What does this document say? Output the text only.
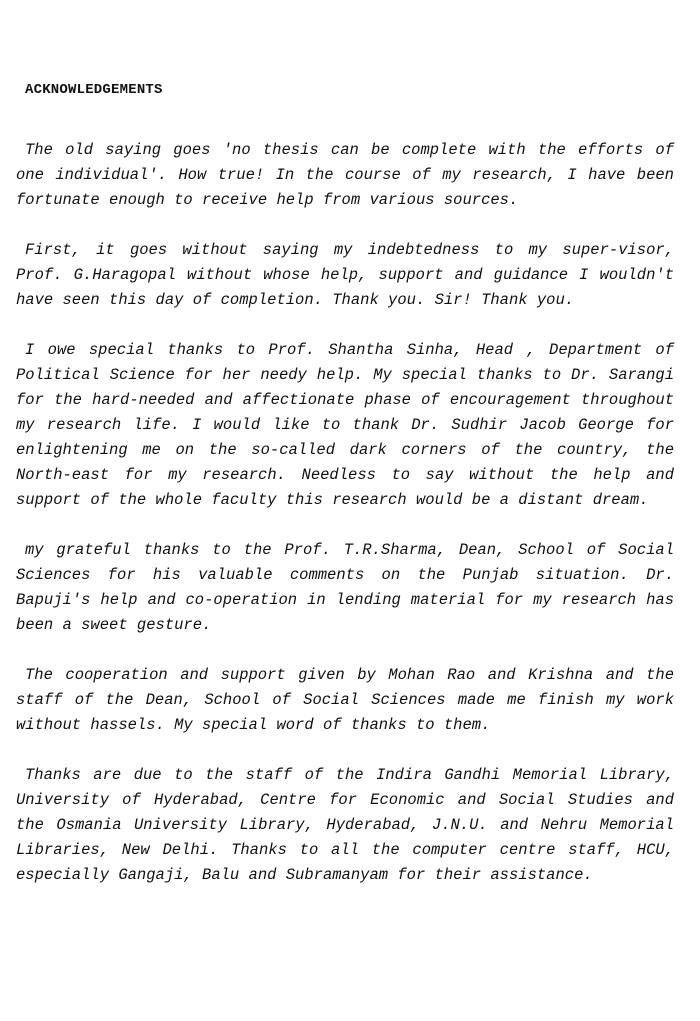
ACKNOWLEDGEMENTS

The old saying goes 'no thesis can be complete with the efforts of one individual'. How true! In the course of my research, I have been fortunate enough to receive help from various sources.

First, it goes without saying my indebtedness to my super-visor, Prof. G.Haragopal without whose help, support and guidance I wouldn't have seen this day of completion. Thank you. Sir! Thank you.

I owe special thanks to Prof. Shantha Sinha, Head , Department of Political Science for her needy help. My special thanks to Dr. Sarangi for the hard-needed and affectionate phase of encouragement throughout my research life. I would like to thank Dr. Sudhir Jacob George for enlightening me on the so-called dark corners of the country, the North-east for my research. Needless to say without the help and support of the whole faculty this research would be a distant dream.

my grateful thanks to the Prof. T.R.Sharma, Dean, School of Social Sciences for his valuable comments on the Punjab situation. Dr. Bapuji's help and co-operation in lending material for my research has been a sweet gesture.

The cooperation and support given by Mohan Rao and Krishna and the staff of the Dean, School of Social Sciences made me finish my work without hassels. My special word of thanks to them.

Thanks are due to the staff of the Indira Gandhi Memorial Library, University of Hyderabad, Centre for Economic and Social Studies and the Osmania University Library, Hyderabad, J.N.U. and Nehru Memorial Libraries, New Delhi. Thanks to all the computer centre staff, HCU, especially Gangaji, Balu and Subramanyam for their assistance.
